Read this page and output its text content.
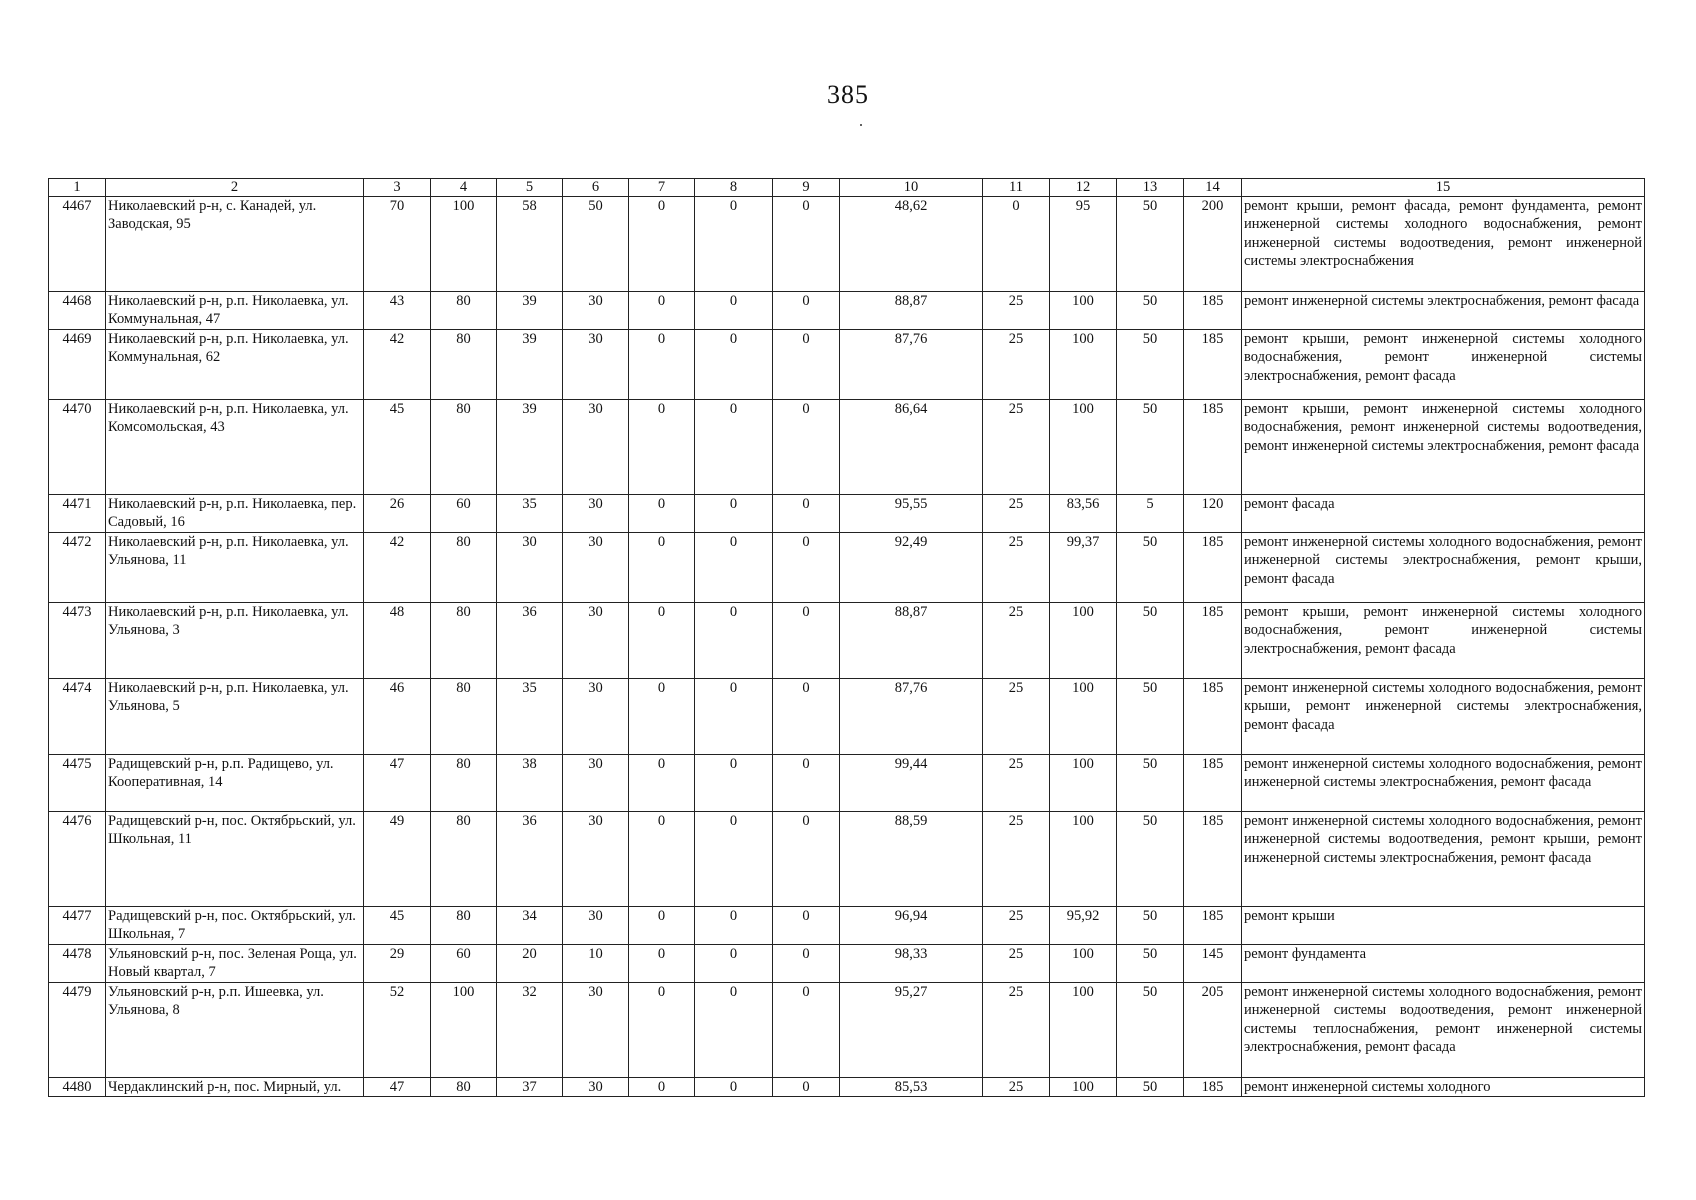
385
1	2	3	4	5	6	7	8	9	10	11	12	13	14	15
4467	Николаевский р-н, с. Канадей, ул. Заводская, 95	70	100	58	50	0	0	0	48,62	0	95	50	200	ремонт крыши, ремонт фасада, ремонт фундамента, ремонт инженерной системы холодного водоснабжения, ремонт инженерной системы водоотведения, ремонт инженерной системы электроснабжения
4468	Николаевский р-н, р.п. Николаевка, ул. Коммунальная, 47	43	80	39	30	0	0	0	88,87	25	100	50	185	ремонт инженерной системы электроснабжения, ремонт фасада
4469	Николаевский р-н, р.п. Николаевка, ул. Коммунальная, 62	42	80	39	30	0	0	0	87,76	25	100	50	185	ремонт крыши, ремонт инженерной системы холодного водоснабжения, ремонт инженерной системы электроснабжения, ремонт фасада
4470	Николаевский р-н, р.п. Николаевка, ул. Комсомольская, 43	45	80	39	30	0	0	0	86,64	25	100	50	185	ремонт крыши, ремонт инженерной системы холодного водоснабжения, ремонт инженерной системы водоотведения, ремонт инженерной системы электроснабжения, ремонт фасада
4471	Николаевский р-н, р.п. Николаевка, пер. Садовый, 16	26	60	35	30	0	0	0	95,55	25	83,56	5	120	ремонт фасада
4472	Николаевский р-н, р.п. Николаевка, ул. Ульянова, 11	42	80	30	30	0	0	0	92,49	25	99,37	50	185	ремонт инженерной системы холодного водоснабжения, ремонт инженерной системы электроснабжения, ремонт крыши, ремонт фасада
4473	Николаевский р-н, р.п. Николаевка, ул. Ульянова, 3	48	80	36	30	0	0	0	88,87	25	100	50	185	ремонт крыши, ремонт инженерной системы холодного водоснабжения, ремонт инженерной системы электроснабжения, ремонт фасада
4474	Николаевский р-н, р.п. Николаевка, ул. Ульянова, 5	46	80	35	30	0	0	0	87,76	25	100	50	185	ремонт инженерной системы холодного водоснабжения, ремонт крыши, ремонт инженерной системы электроснабжения, ремонт фасада
4475	Радищевский р-н, р.п. Радищево, ул. Кооперативная, 14	47	80	38	30	0	0	0	99,44	25	100	50	185	ремонт инженерной системы холодного водоснабжения, ремонт инженерной системы электроснабжения, ремонт фасада
4476	Радищевский р-н, пос. Октябрьский, ул. Школьная, 11	49	80	36	30	0	0	0	88,59	25	100	50	185	ремонт инженерной системы холодного водоснабжения, ремонт инженерной системы водоотведения, ремонт крыши, ремонт инженерной системы электроснабжения, ремонт фасада
4477	Радищевский р-н, пос. Октябрьский, ул. Школьная, 7	45	80	34	30	0	0	0	96,94	25	95,92	50	185	ремонт крыши
4478	Ульяновский р-н, пос. Зеленая Роща, ул. Новый квартал, 7	29	60	20	10	0	0	0	98,33	25	100	50	145	ремонт фундамента
4479	Ульяновский р-н, р.п. Ишеевка, ул. Ульянова, 8	52	100	32	30	0	0	0	95,27	25	100	50	205	ремонт инженерной системы холодного водоснабжения, ремонт инженерной системы водоотведения, ремонт инженерной системы теплоснабжения, ремонт инженерной системы электроснабжения, ремонт фасада
4480	Чердаклинский р-н, пос. Мирный, ул.	47	80	37	30	0	0	0	85,53	25	100	50	185	ремонт инженерной системы холодного
